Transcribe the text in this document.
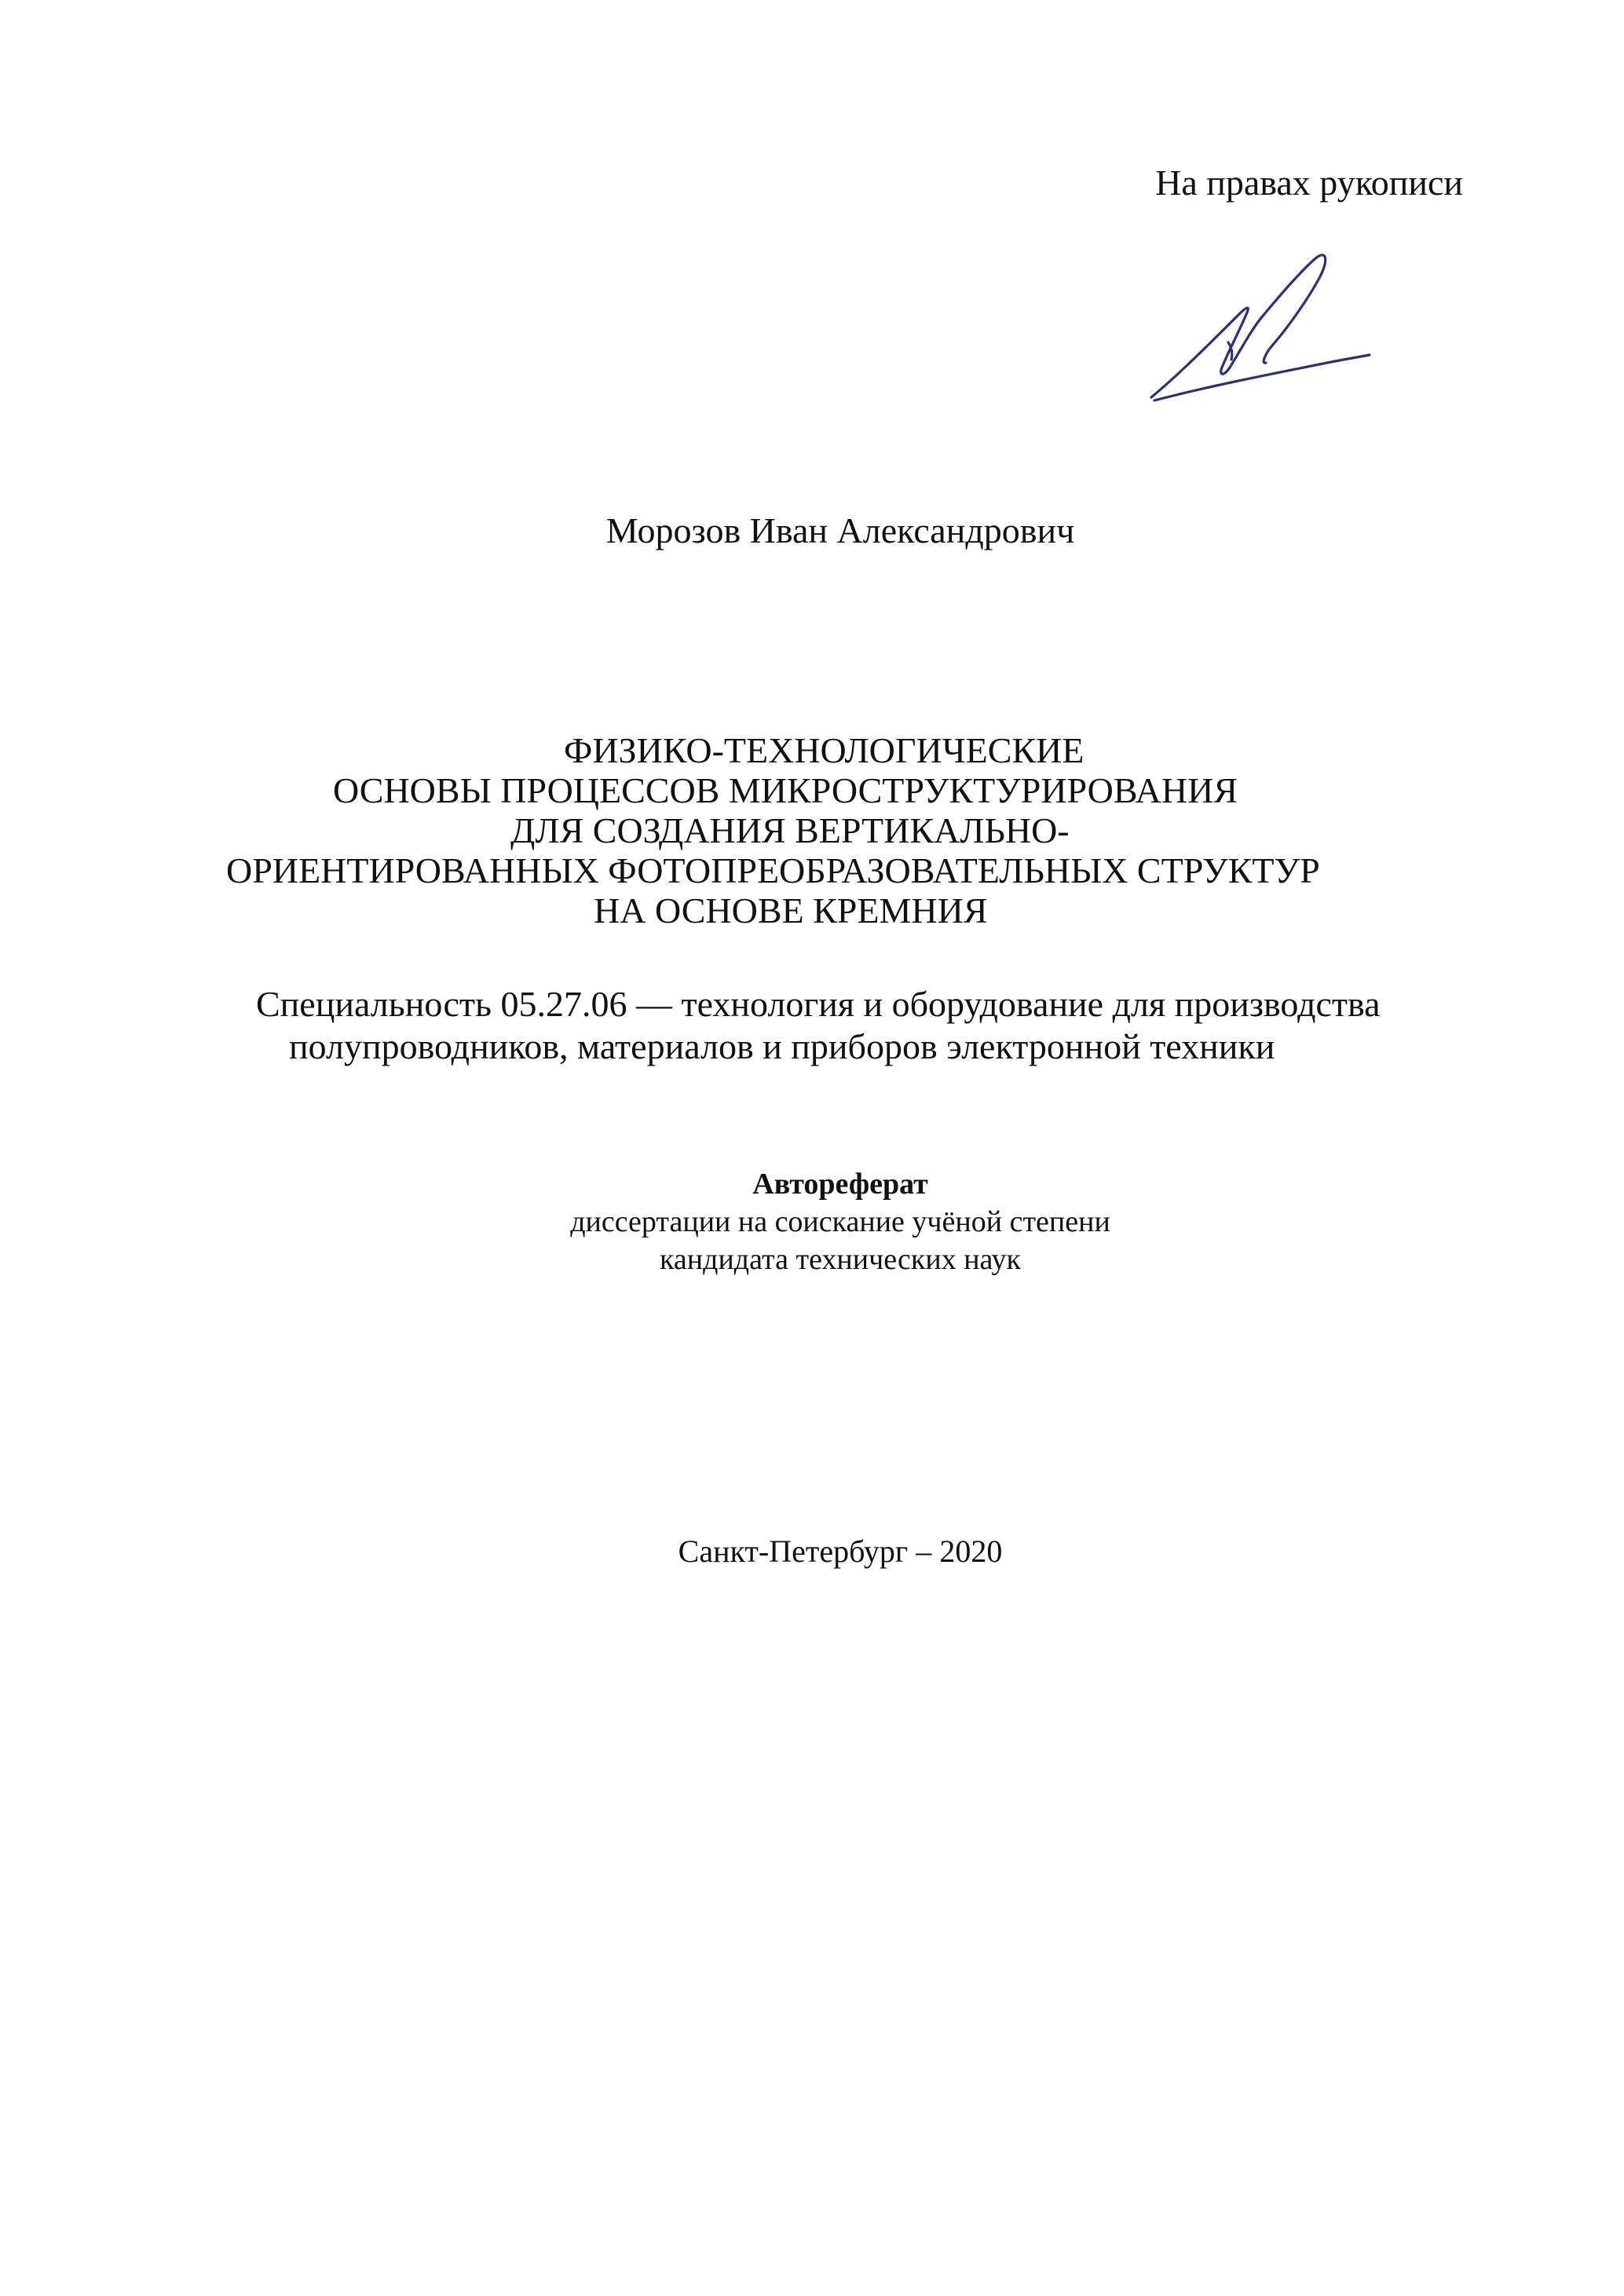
На правах рукописи
Морозов Иван Александрович
ФИЗИКО-ТЕХНОЛОГИЧЕСКИЕ
ОСНОВЫ ПРОЦЕССОВ МИКРОСТРУКТУРИРОВАНИЯ
ДЛЯ СОЗДАНИЯ ВЕРТИКАЛЬНО-
ОРИЕНТИРОВАННЫХ ФОТОПРЕОБРАЗОВАТЕЛЬНЫХ СТРУКТУР
НА ОСНОВЕ КРЕМНИЯ
Специальность 05.27.06 — технология и оборудование для производства
полупроводников, материалов и приборов электронной техники
Автореферат
диссертации на соискание учёной степени
кандидата технических наук
Санкт-Петербург – 2020
